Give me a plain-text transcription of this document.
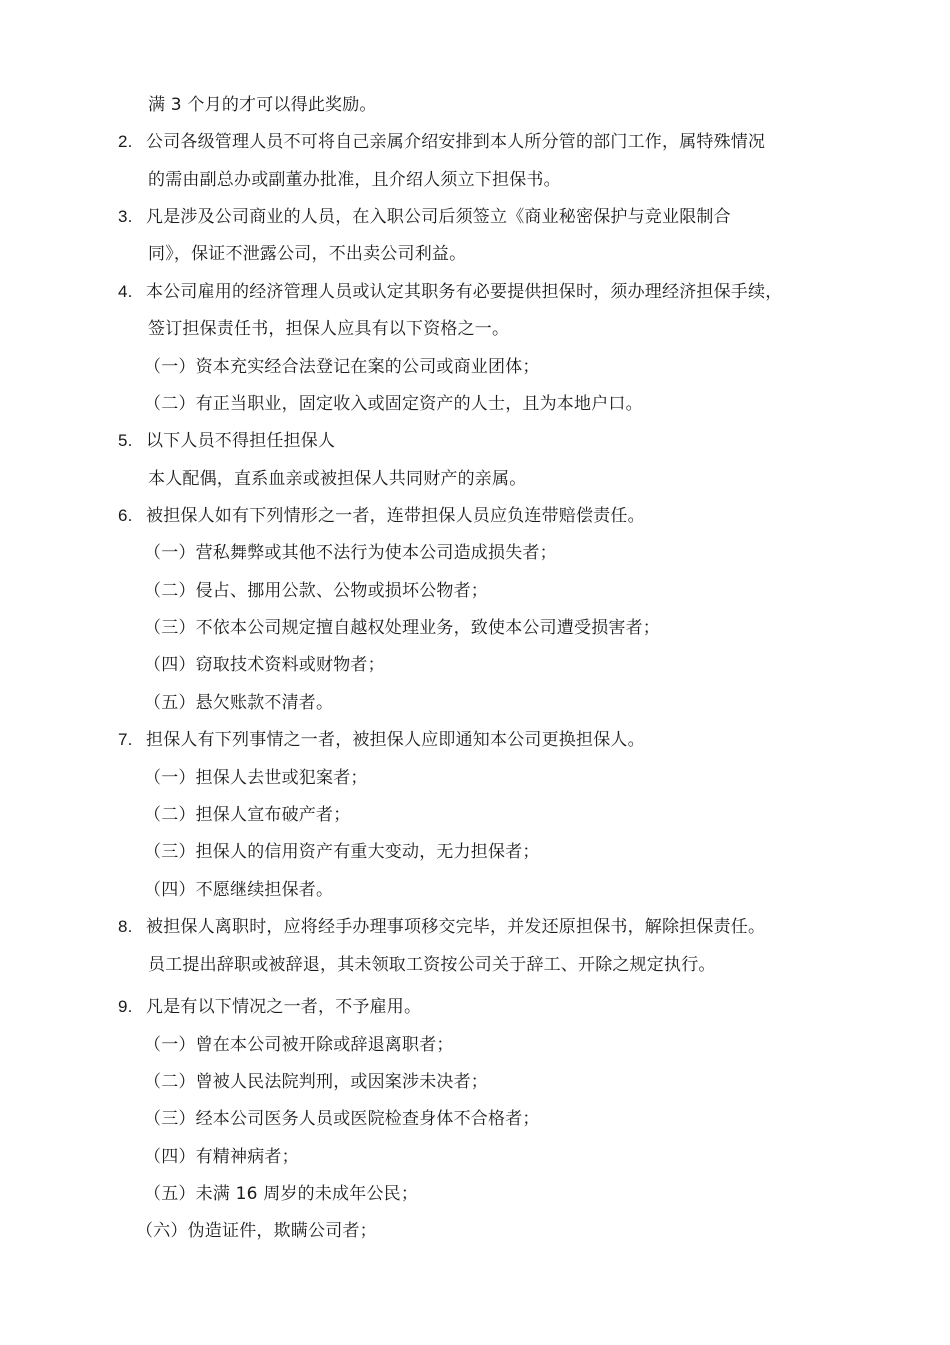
满 3 个月的才可以得此奖励。
2. 公司各级管理人员不可将自己亲属介绍安排到本人所分管的部门工作，属特殊情况
的需由副总办或副董办批准，且介绍人须立下担保书。
3. 凡是涉及公司商业的人员，在入职公司后须签立《商业秘密保护与竞业限制合
同》，保证不泄露公司，不出卖公司利益。
4. 本公司雇用的经济管理人员或认定其职务有必要提供担保时，须办理经济担保手续，
签订担保责任书，担保人应具有以下资格之一。
（一）资本充实经合法登记在案的公司或商业团体；
（二）有正当职业，固定收入或固定资产的人士，且为本地户口。
5. 以下人员不得担任担保人
本人配偶，直系血亲或被担保人共同财产的亲属。
6. 被担保人如有下列情形之一者，连带担保人员应负连带赔偿责任。
（一）营私舞弊或其他不法行为使本公司造成损失者；
（二）侵占、挪用公款、公物或损坏公物者；
（三）不依本公司规定擅自越权处理业务，致使本公司遭受损害者；
（四）窃取技术资料或财物者；
（五）悬欠账款不清者。
7. 担保人有下列事情之一者，被担保人应即通知本公司更换担保人。
（一）担保人去世或犯案者；
（二）担保人宣布破产者；
（三）担保人的信用资产有重大变动，无力担保者；
（四）不愿继续担保者。
8. 被担保人离职时，应将经手办理事项移交完毕，并发还原担保书，解除担保责任。
员工提出辞职或被辞退，其未领取工资按公司关于辞工、开除之规定执行。
9. 凡是有以下情况之一者，不予雇用。
（一）曾在本公司被开除或辞退离职者；
（二）曾被人民法院判刑，或因案涉未决者；
（三）经本公司医务人员或医院检查身体不合格者；
（四）有精神病者；
（五）未满 16 周岁的未成年公民；
（六）伪造证件，欺瞒公司者；
